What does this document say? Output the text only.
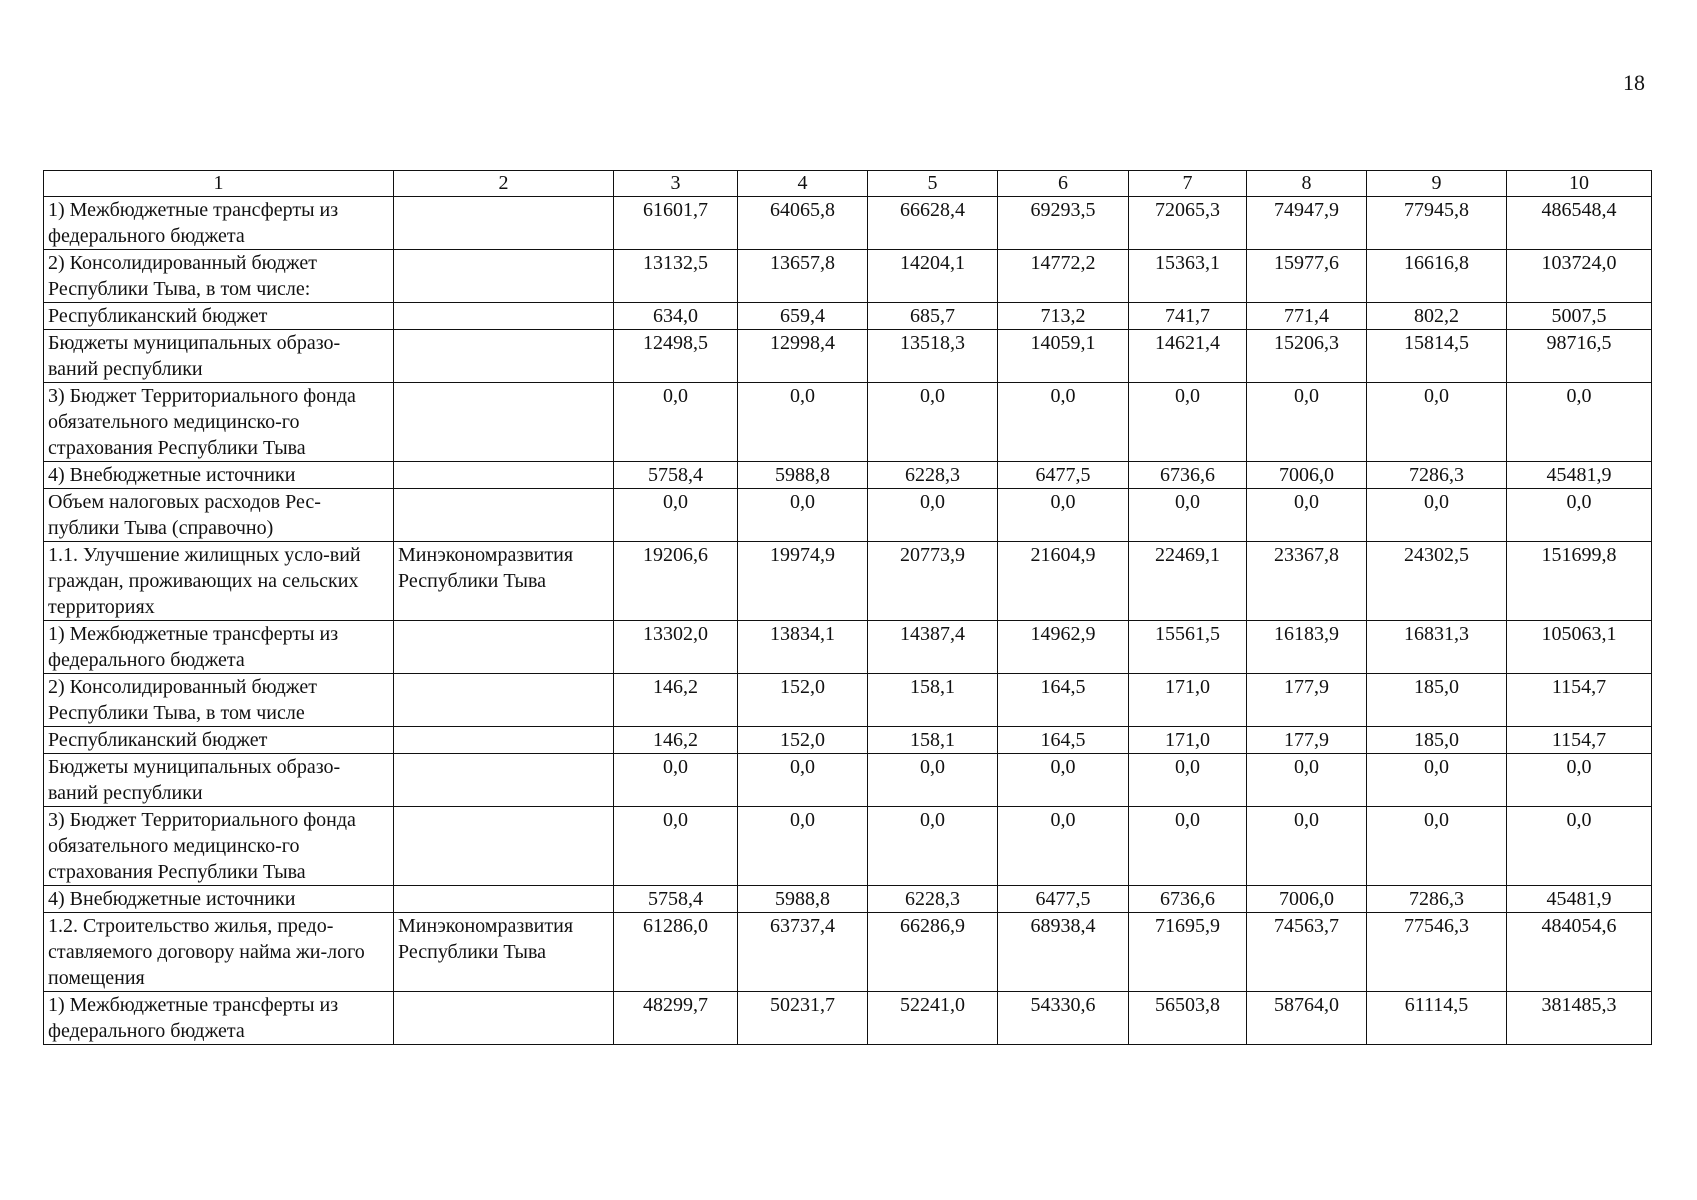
18
1	2	3	4	5	6	7	8	9	10
1) Межбюджетные трансферты из федерального бюджета		61601,7	64065,8	66628,4	69293,5	72065,3	74947,9	77945,8	486548,4
2) Консолидированный бюджет Республики Тыва, в том числе:		13132,5	13657,8	14204,1	14772,2	15363,1	15977,6	16616,8	103724,0
Республиканский бюджет		634,0	659,4	685,7	713,2	741,7	771,4	802,2	5007,5
Бюджеты муниципальных образо-ваний республики		12498,5	12998,4	13518,3	14059,1	14621,4	15206,3	15814,5	98716,5
3) Бюджет Территориального фонда обязательного медицинско-го страхования Республики Тыва		0,0	0,0	0,0	0,0	0,0	0,0	0,0	0,0
4) Внебюджетные источники		5758,4	5988,8	6228,3	6477,5	6736,6	7006,0	7286,3	45481,9
Объем налоговых расходов Рес-публики Тыва (справочно)		0,0	0,0	0,0	0,0	0,0	0,0	0,0	0,0
1.1. Улучшение жилищных усло-вий граждан, проживающих на сельских территориях	Минэкономразвития Республики Тыва	19206,6	19974,9	20773,9	21604,9	22469,1	23367,8	24302,5	151699,8
1) Межбюджетные трансферты из федерального бюджета		13302,0	13834,1	14387,4	14962,9	15561,5	16183,9	16831,3	105063,1
2) Консолидированный бюджет Республики Тыва, в том числе		146,2	152,0	158,1	164,5	171,0	177,9	185,0	1154,7
Республиканский бюджет		146,2	152,0	158,1	164,5	171,0	177,9	185,0	1154,7
Бюджеты муниципальных образо-ваний республики		0,0	0,0	0,0	0,0	0,0	0,0	0,0	0,0
3) Бюджет Территориального фонда обязательного медицинско-го страхования Республики Тыва		0,0	0,0	0,0	0,0	0,0	0,0	0,0	0,0
4) Внебюджетные источники		5758,4	5988,8	6228,3	6477,5	6736,6	7006,0	7286,3	45481,9
1.2. Строительство жилья, предо-ставляемого договору найма жи-лого помещения	Минэкономразвития Республики Тыва	61286,0	63737,4	66286,9	68938,4	71695,9	74563,7	77546,3	484054,6
1) Межбюджетные трансферты из федерального бюджета		48299,7	50231,7	52241,0	54330,6	56503,8	58764,0	61114,5	381485,3
